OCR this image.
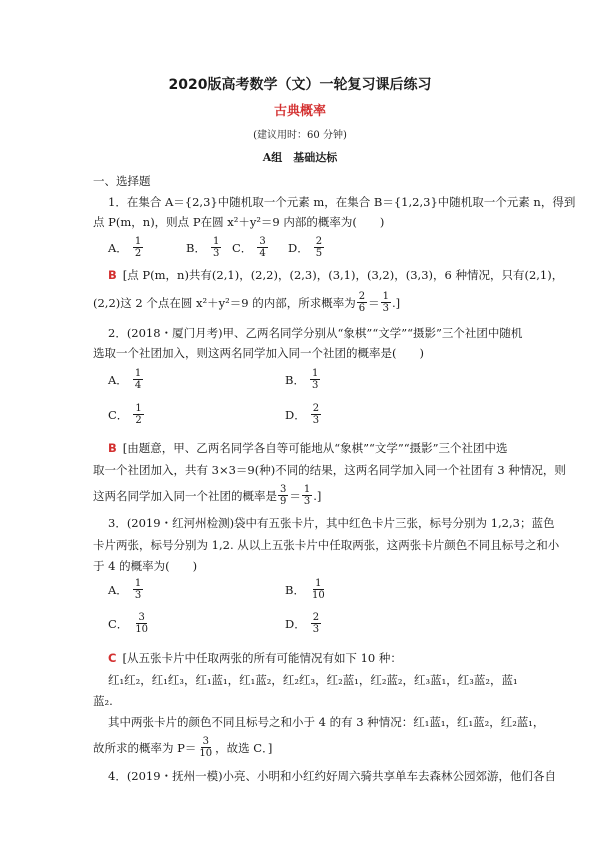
2020版高考数学（文）一轮复习课后练习
古典概率
(建议用时：60 分钟)
A组　基础达标
一、选择题
1．在集合 A＝{2,3}中随机取一个元素 m，在集合 B＝{1,2,3}中随机取一个元素 n，得到
点 P(m，n)，则点 P在圆 x²＋y²＝9 内部的概率为(　　)
A． $\frac{1}{2}$	B． $\frac{1}{3}$ C． $\frac{3}{4}$ D． $\frac{2}{5}$
B [点 P(m，n)共有(2,1)，(2,2)，(2,3)，(3,1)，(3,2)，(3,3)，6 种情况，只有(2,1)，
(2,2)这 2 个点在圆 x²＋y²＝9 的内部，所求概率为 $\frac{2}{6} = \frac{1}{3}$ .]
2．(2018・厦门月考)甲、乙两名同学分别从“象棋”“文学”“摄影”三个社团中随机
选取一个社团加入，则这两名同学加入同一个社团的概率是(　　)
A． $\frac{1}{4}$	B． $\frac{1}{3}$
C． $\frac{1}{2}$	D． $\frac{2}{3}$
B [由题意，甲、乙两名同学各自等可能地从“象棋”“文学”“摄影”三个社团中选
取一个社团加入，共有 3×3＝9(种)不同的结果，这两名同学加入同一个社团有 3 种情况，则
这两名同学加入同一个社团的概率是 $\frac{3}{9} = \frac{1}{3}$ .]
3．(2019・红河州检测)袋中有五张卡片，其中红色卡片三张，标号分别为 1,2,3；蓝色
卡片两张，标号分别为 1,2. 从以上五张卡片中任取两张，这两张卡片颜色不同且标号之和小
于 4 的概率为(　　)
A． $\frac{1}{3}$	B． $\frac{1}{10}$
C． $\frac{3}{10}$	D． $\frac{2}{3}$
C [从五张卡片中任取两张的所有可能情况有如下 10 种：
红₁红₂，红₁红₃，红₁蓝₁，红₁蓝₂，红₂红₃，红₂蓝₁，红₂蓝₂，红₃蓝₁，红₃蓝₂，蓝₁
蓝₂.
其中两张卡片的颜色不同且标号之和小于 4 的有 3 种情况：红₁蓝₁，红₁蓝₂，红₂蓝₁，
故所求的概率为 $P= \frac{3}{10}$ ，故选 C．]
4．(2019・抚州一模)小亮、小明和小红约好周六骑共享单车去森林公园郊游，他们各自
